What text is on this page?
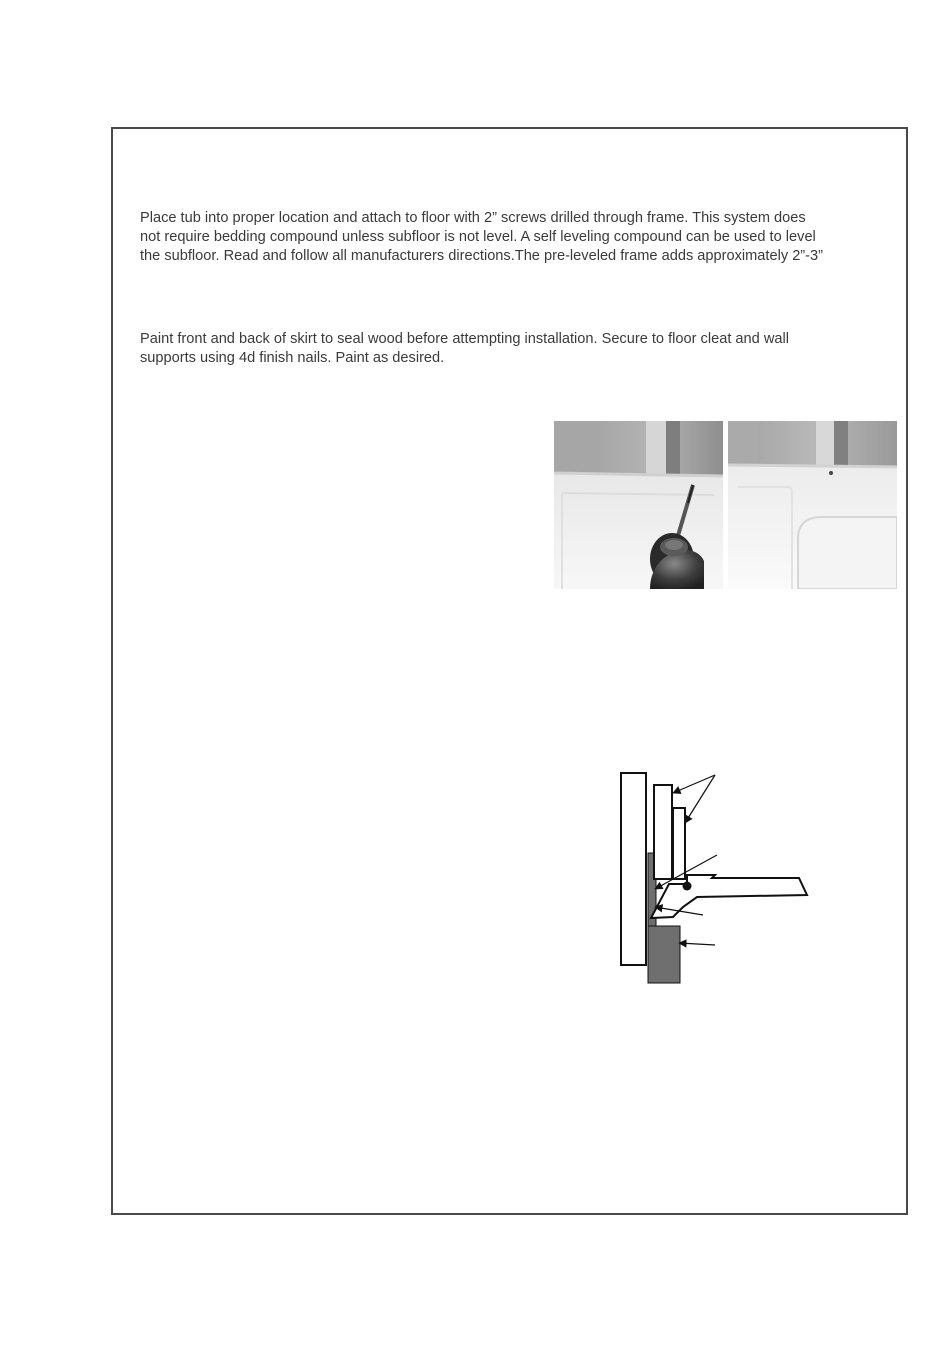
Place tub into proper location and attach to floor with 2” screws drilled through frame. This system does
not require bedding compound unless subfloor is not level. A self leveling compound can be used to level
the subfloor. Read and follow all manufacturers directions.The pre-leveled frame adds approximately 2”-3”

Paint front and back of skirt to seal wood before attempting installation. Secure to floor cleat and wall
supports using 4d finish nails. Paint as desired.
